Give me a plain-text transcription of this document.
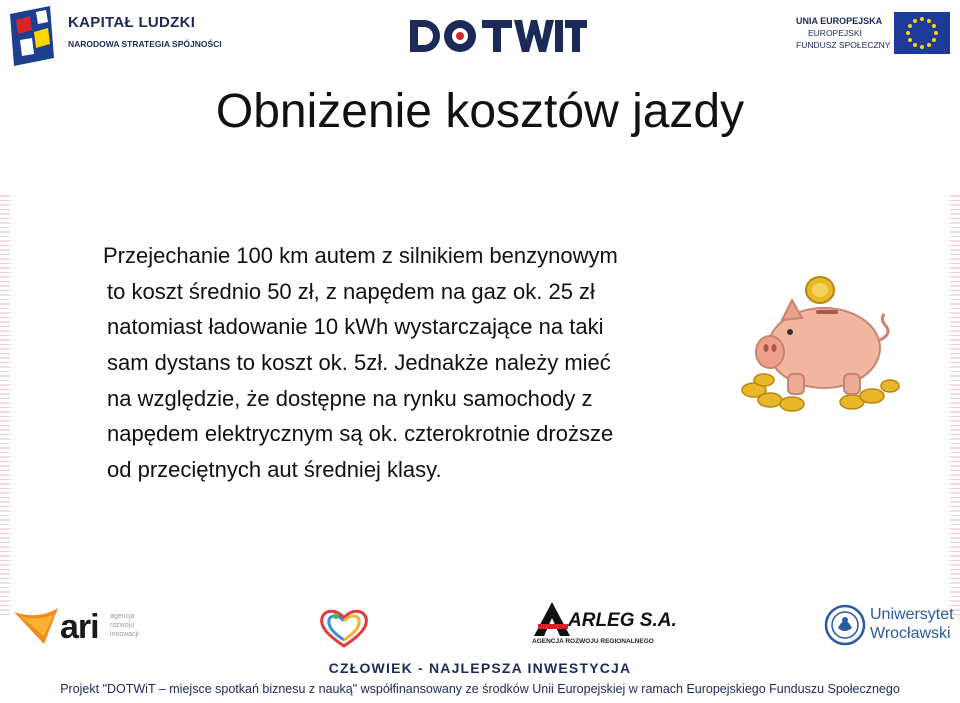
KAPITAŁ LUDZKI
NARODOWA STRATEGIA SPÓJNOŚCI
UNIA EUROPEJSKA
EUROPEJSKI
FUNDUSZ SPOŁECZNY
Obniżenie kosztów jazdy
Przejechanie 100 km autem z silnikiem benzynowym
to koszt średnio 50 zł, z napędem na gaz ok. 25 zł
natomiast ładowanie 10 kWh wystarczające na taki
sam dystans to koszt ok. 5zł. Jednakże należy mieć
na względzie, że dostępne na rynku samochody z
napędem elektrycznym są ok. czterokrotnie droższe
od przeciętnych aut średniej klasy.
ari agencja
rozwoju
innowacji
ARLEG S.A.
AGENCJA ROZWOJU REGIONALNEGO
Uniwersytet
Wrocławski
CZŁOWIEK - NAJLEPSZA INWESTYCJA
Projekt "DOTWiT – miejsce spotkań biznesu z nauką" współfinansowany ze środków Unii Europejskiej w ramach Europejskiego Funduszu Społecznego
